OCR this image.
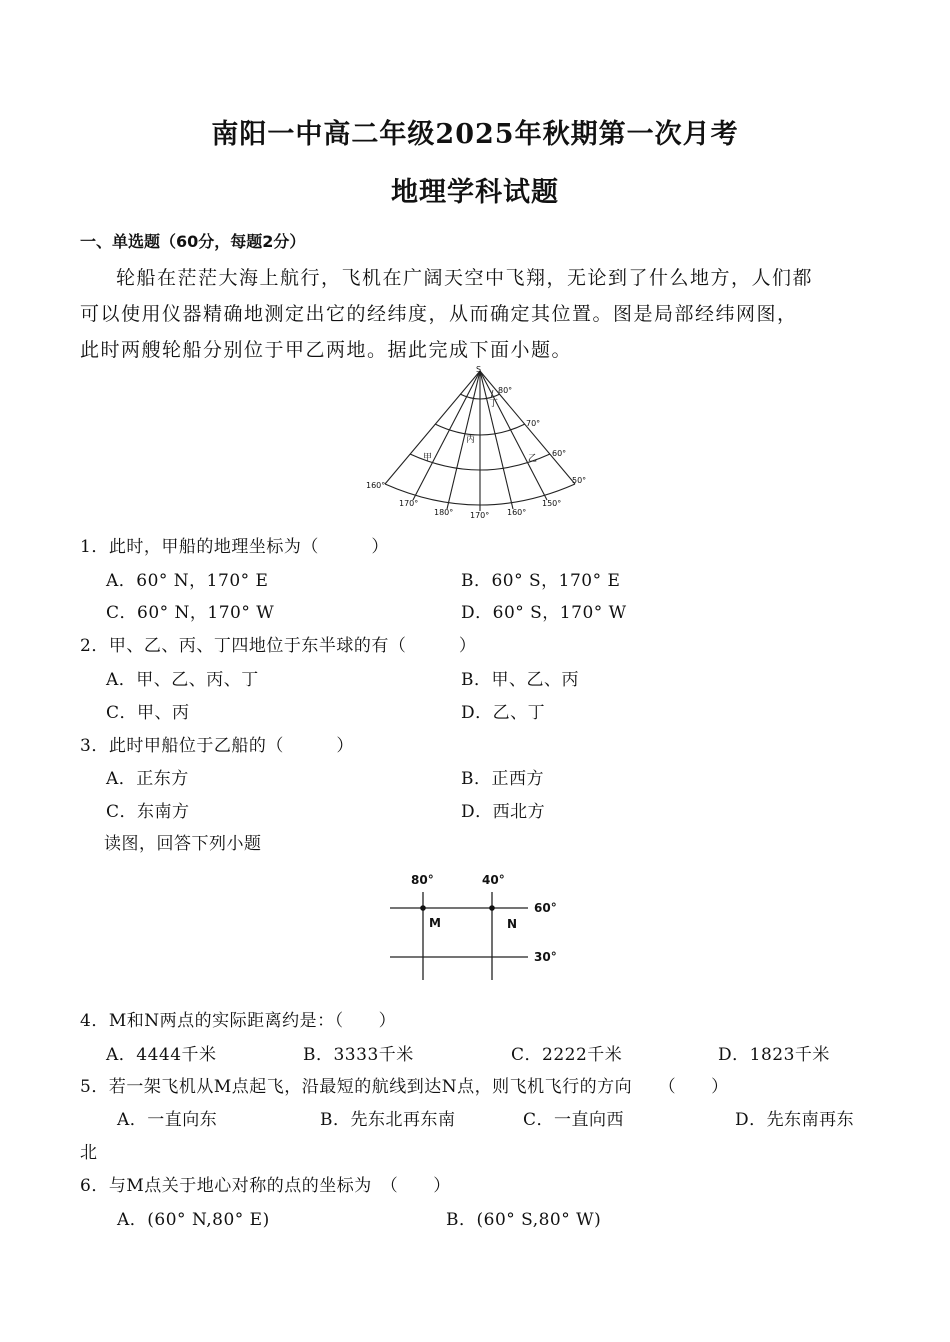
南阳一中高二年级2025年秋期第一次月考
地理学科试题
一、单选题（60分，每题2分）
轮船在茫茫大海上航行，飞机在广阔天空中飞翔，无论到了什么地方，人们都
可以使用仪器精确地测定出它的经纬度，从而确定其位置。图是局部经纬网图，
此时两艘轮船分别位于甲乙两地。据此完成下面小题。
S
80°
70°
60°
50°
160°
170°
180° 170° 160°
150°
甲	乙
丙
丁
1．此时，甲船的地理坐标为（　　　）
A．60° N，170° E	B．60° S，170° E
C．60° N，170° W	D．60° S，170° W
2．甲、乙、丙、丁四地位于东半球的有（　　　）
A．甲、乙、丙、丁	B．甲、乙、丙
C．甲、丙	D．乙、丁
3．此时甲船位于乙船的（　　　）
A．正东方	B．正西方
C．东南方	D．西北方
读图，回答下列小题
80°	40°
60°
30°
M	N
4．M和N两点的实际距离约是：（　　）
A．4444千米	B．3333千米	C．2222千米	D．1823千米
5．若一架飞机从M点起飞，沿最短的航线到达N点，则飞机飞行的方向　　（　　）
A．一直向东	B．先东北再东南	C．一直向西	D．先东南再东
北
6．与M点关于地心对称的点的坐标为　（　　）
A．(60° N,80° E)	B．(60° S,80° W)
